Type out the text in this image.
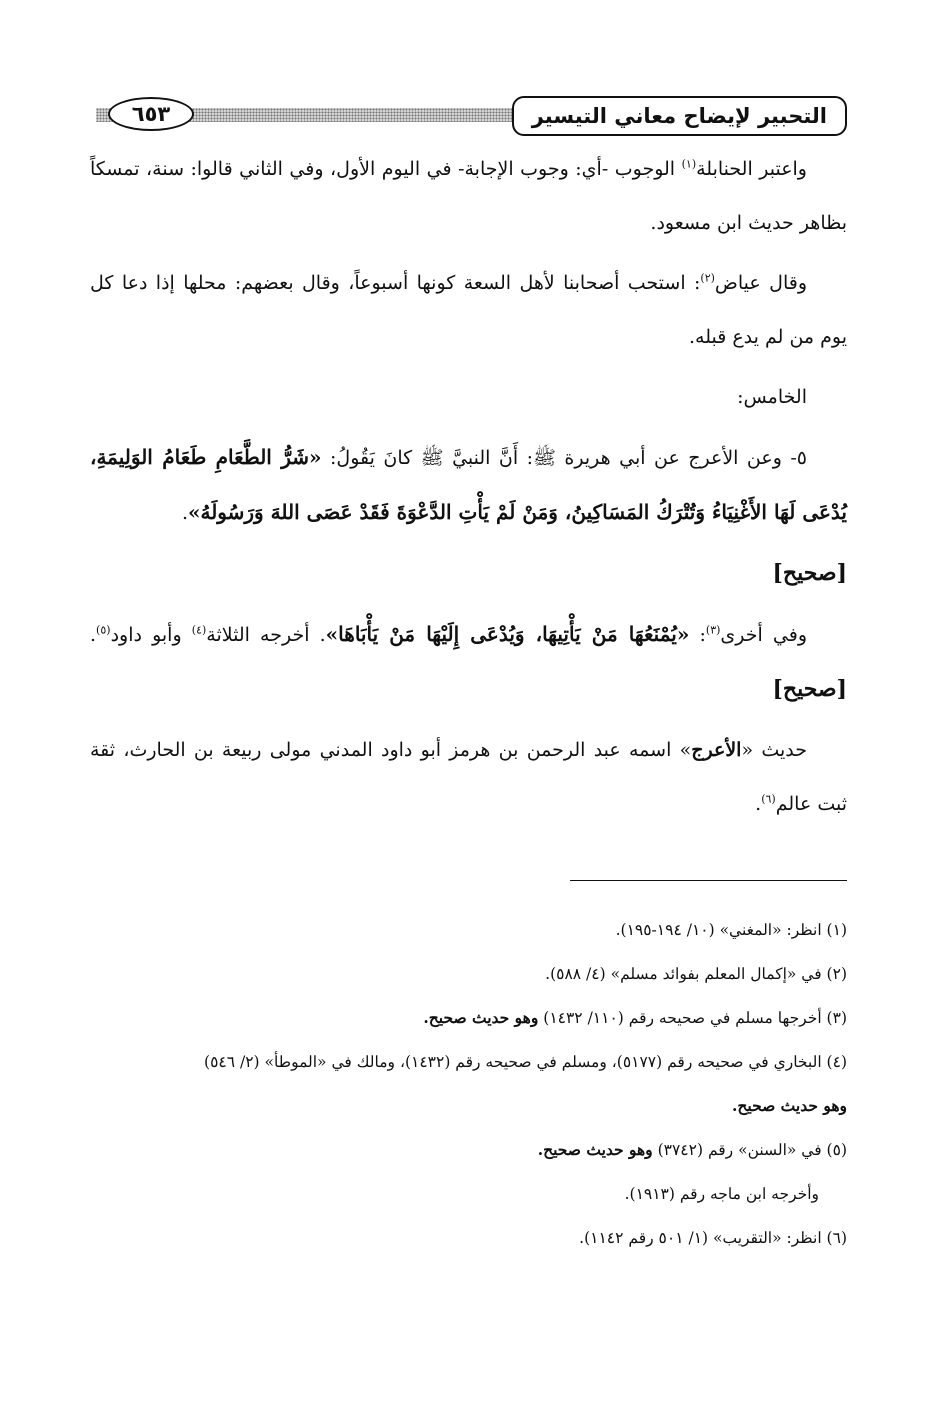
التحبير لإيضاح معاني التيسير
٦٥٣

واعتبر الحنابلة$^{(١)}$ الوجوب -أي: وجوب الإجابة- في اليوم الأول، وفي الثاني قالوا: سنة، تمسكاً بظاهر حديث ابن مسعود.

وقال عياض$^{(٢)}$: استحب أصحابنا لأهل السعة كونها أسبوعاً، وقال بعضهم: محلها إذا دعا كل يوم من لم يدع قبله.

الخامس:

٥- وعن الأعرج عن أبي هريرة ﷺ: أَنَّ النبيَّ ﷺ كانَ يَقُولُ: «شَرُّ الطَّعَامِ طَعَامُ الوَلِيمَةِ، يُدْعَى لَهَا الأَغْنِيَاءُ وَتُتْرَكُ المَسَاكِينُ، وَمَنْ لَمْ يَأْتِ الدَّعْوَةَ فَقَدْ عَصَى اللهَ وَرَسُولَهُ».

[صحيح]

وفي أخرى$^{(٣)}$: «يُمْنَعُهَا مَنْ يَأْتِيهَا، وَيُدْعَى إِلَيْهَا مَنْ يَأْبَاهَا». أخرجه الثلاثة$^{(٤)}$ وأبو داود$^{(٥)}$. [صحيح]

حديث «الأعرج» اسمه عبد الرحمن بن هرمز أبو داود المدني مولى ربيعة بن الحارث، ثقة ثبت عالم$^{(٦)}$.

(١) انظر: «المغني» (١٠/ ١٩٤-١٩٥).

(٢) في «إكمال المعلم بفوائد مسلم» (٤/ ٥٨٨).

(٣) أخرجها مسلم في صحيحه رقم (١١٠/ ١٤٣٢) وهو حديث صحيح.

(٤) البخاري في صحيحه رقم (٥١٧٧)، ومسلم في صحيحه رقم (١٤٣٢)، ومالك في «الموطأ» (٢/ ٥٤٦)

وهو حديث صحيح.

(٥) في «السنن» رقم (٣٧٤٢) وهو حديث صحيح.

وأخرجه ابن ماجه رقم (١٩١٣).

(٦) انظر: «التقريب» (١/ ٥٠١ رقم ١١٤٢).
